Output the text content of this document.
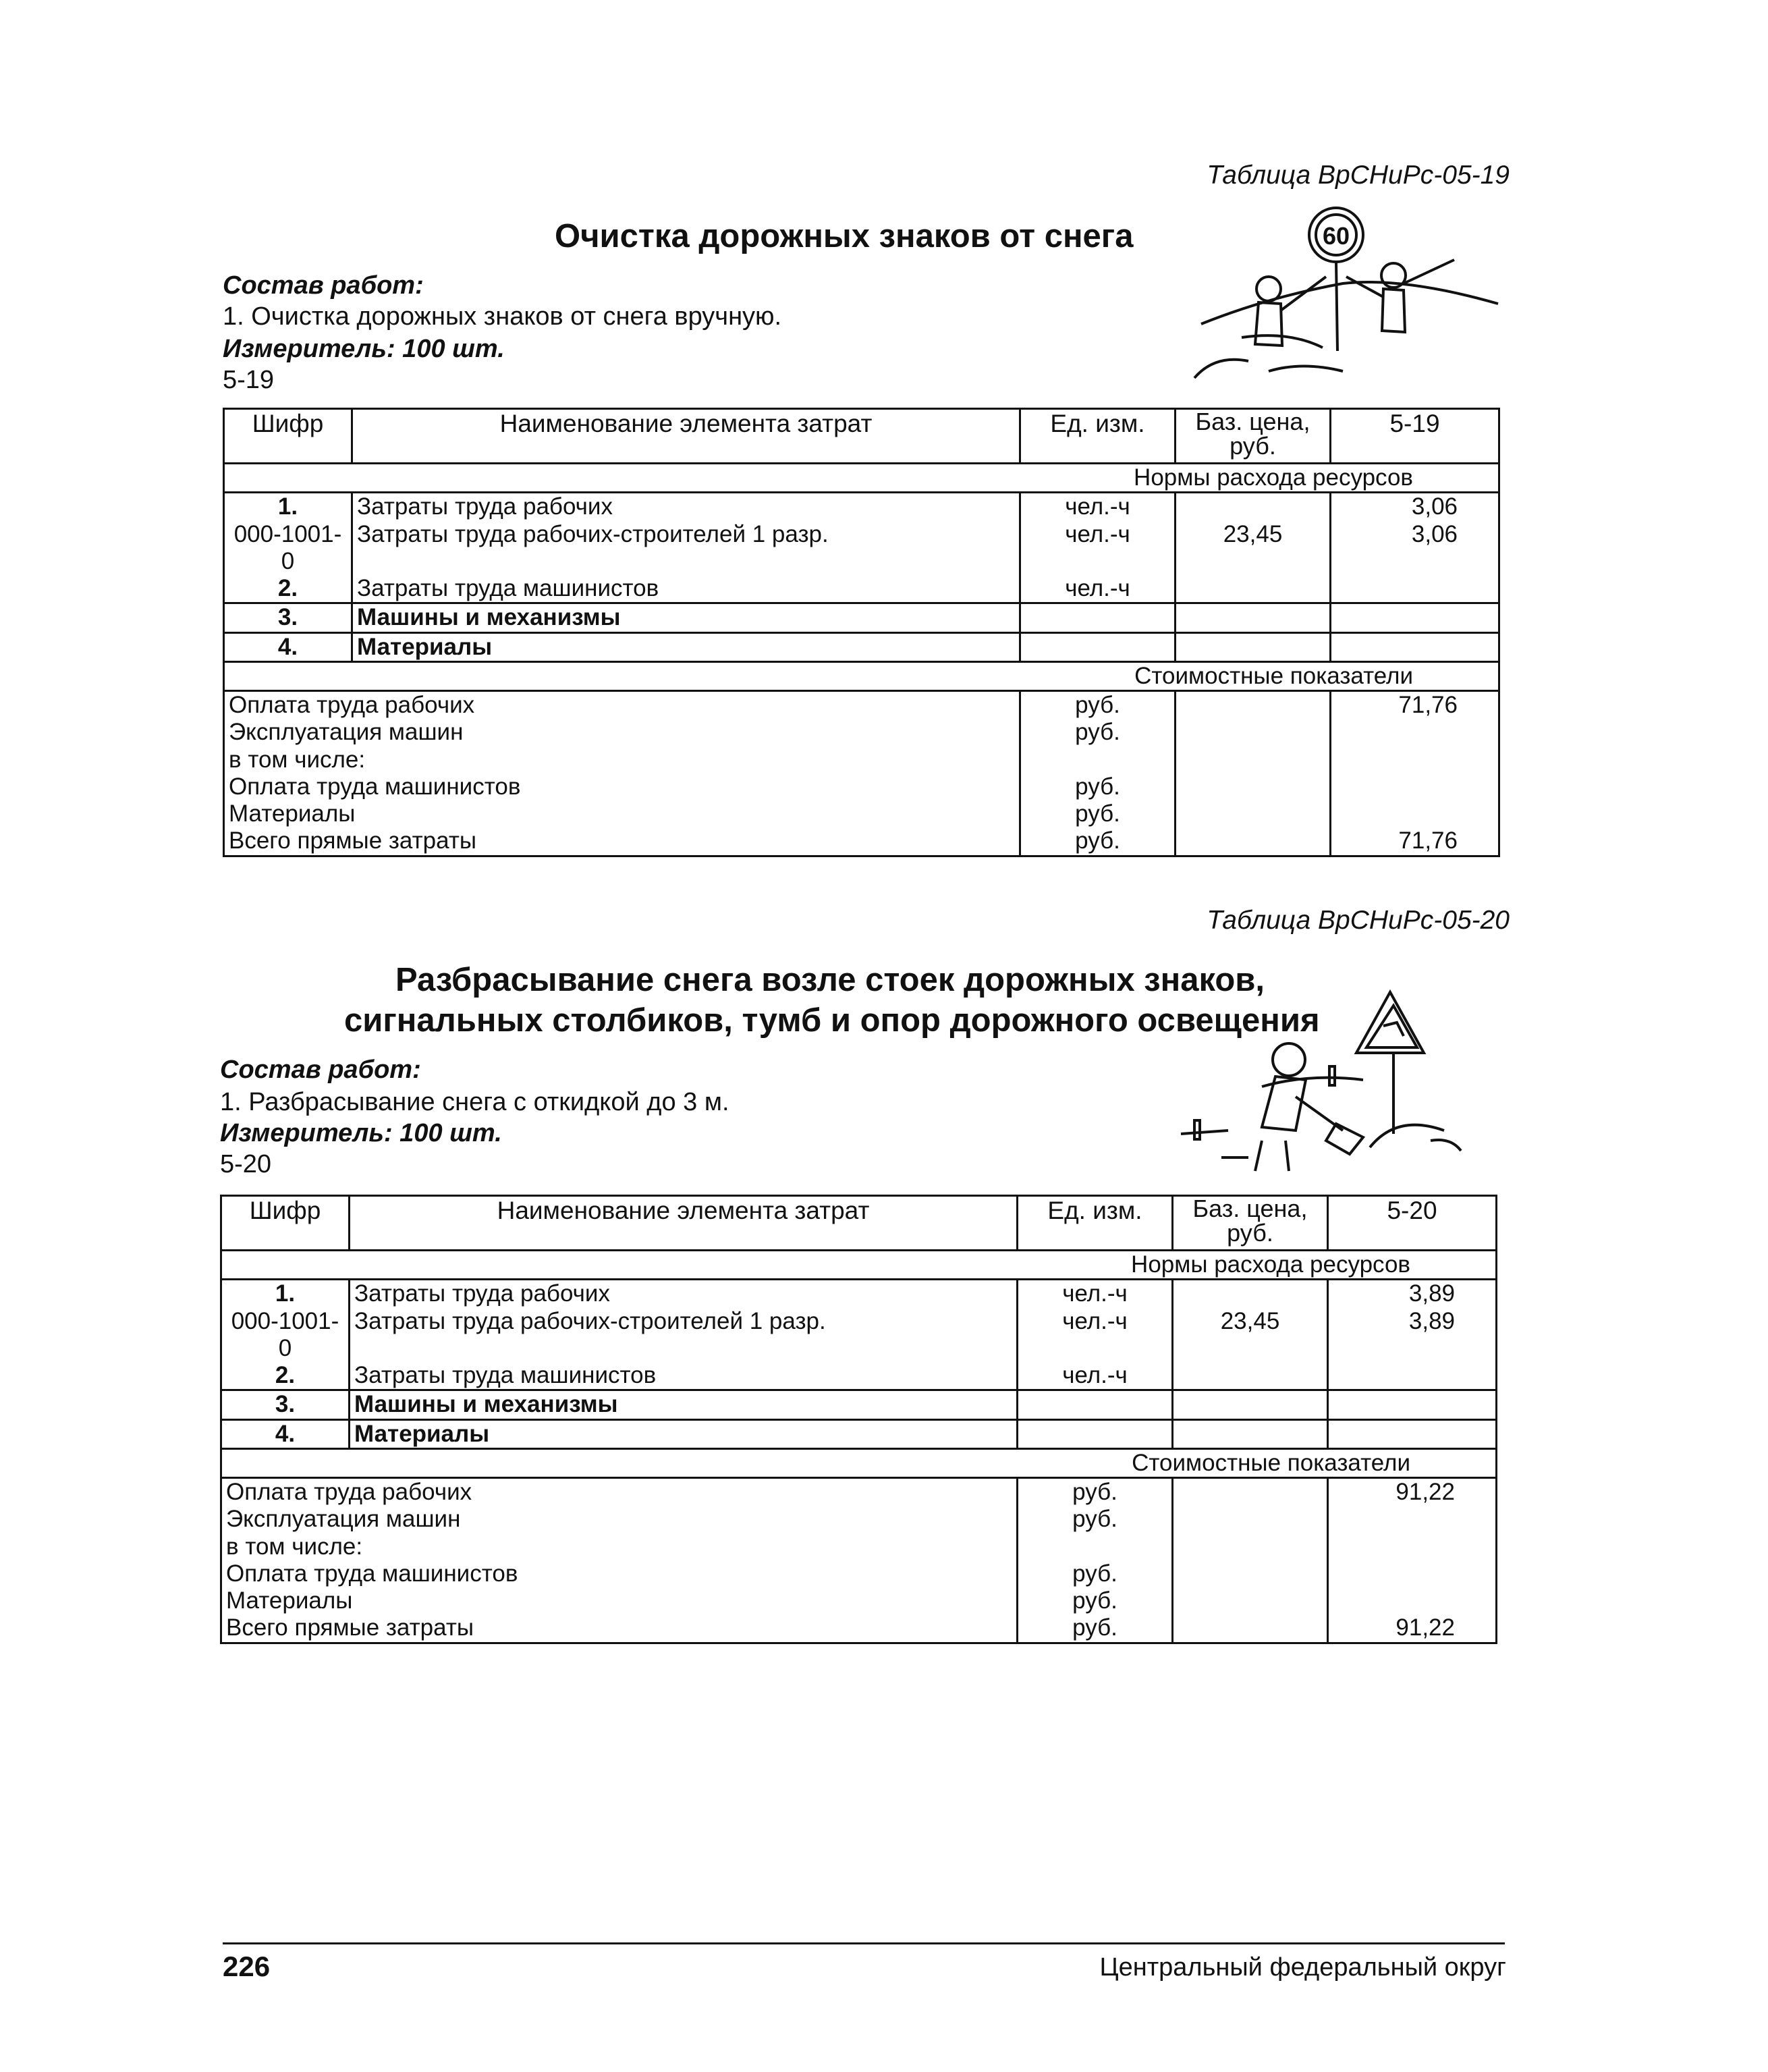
Таблица ВрСНиРс-05-19
Очистка дорожных знаков от снега
Состав работ:
1. Очистка дорожных знаков от снега вручную.
Измеритель: 100 шт.
5-19
60
Шифр	Наименование элемента затрат	Ед. изм.	Баз. цена,
руб.	5-19
Нормы расхода ресурсов				
1.	Затраты труда рабочих	чел.-ч		3,06
000-1001-0	Затраты труда рабочих-строителей 1 разр.	чел.-ч	23,45	3,06
2.	Затраты труда машинистов	чел.-ч		
3.	Машины и механизмы			
4.	Материалы			
Стоимостные показатели				
Оплата труда рабочих		руб.		71,76
Эксплуатация машин		руб.		
в том числе:				
Оплата труда машинистов		руб.		
Материалы		руб.		
Всего прямые затраты		руб.		71,76
Таблица ВрСНиРс-05-20
Разбрасывание снега возле стоек дорожных знаков,
сигнальных столбиков, тумб и опор дорожного освещения
Состав работ:
1. Разбрасывание снега с откидкой до 3 м.
Измеритель: 100 шт.
5-20
Шифр	Наименование элемента затрат	Ед. изм.	Баз. цена,
руб.	5-20
Нормы расхода ресурсов				
1.	Затраты труда рабочих	чел.-ч		3,89
000-1001-0	Затраты труда рабочих-строителей 1 разр.	чел.-ч	23,45	3,89
2.	Затраты труда машинистов	чел.-ч		
3.	Машины и механизмы			
4.	Материалы			
Стоимостные показатели				
Оплата труда рабочих		руб.		91,22
Эксплуатация машин		руб.		
в том числе:				
Оплата труда машинистов		руб.		
Материалы		руб.		
Всего прямые затраты		руб.		91,22
226	Центральный федеральный округ
